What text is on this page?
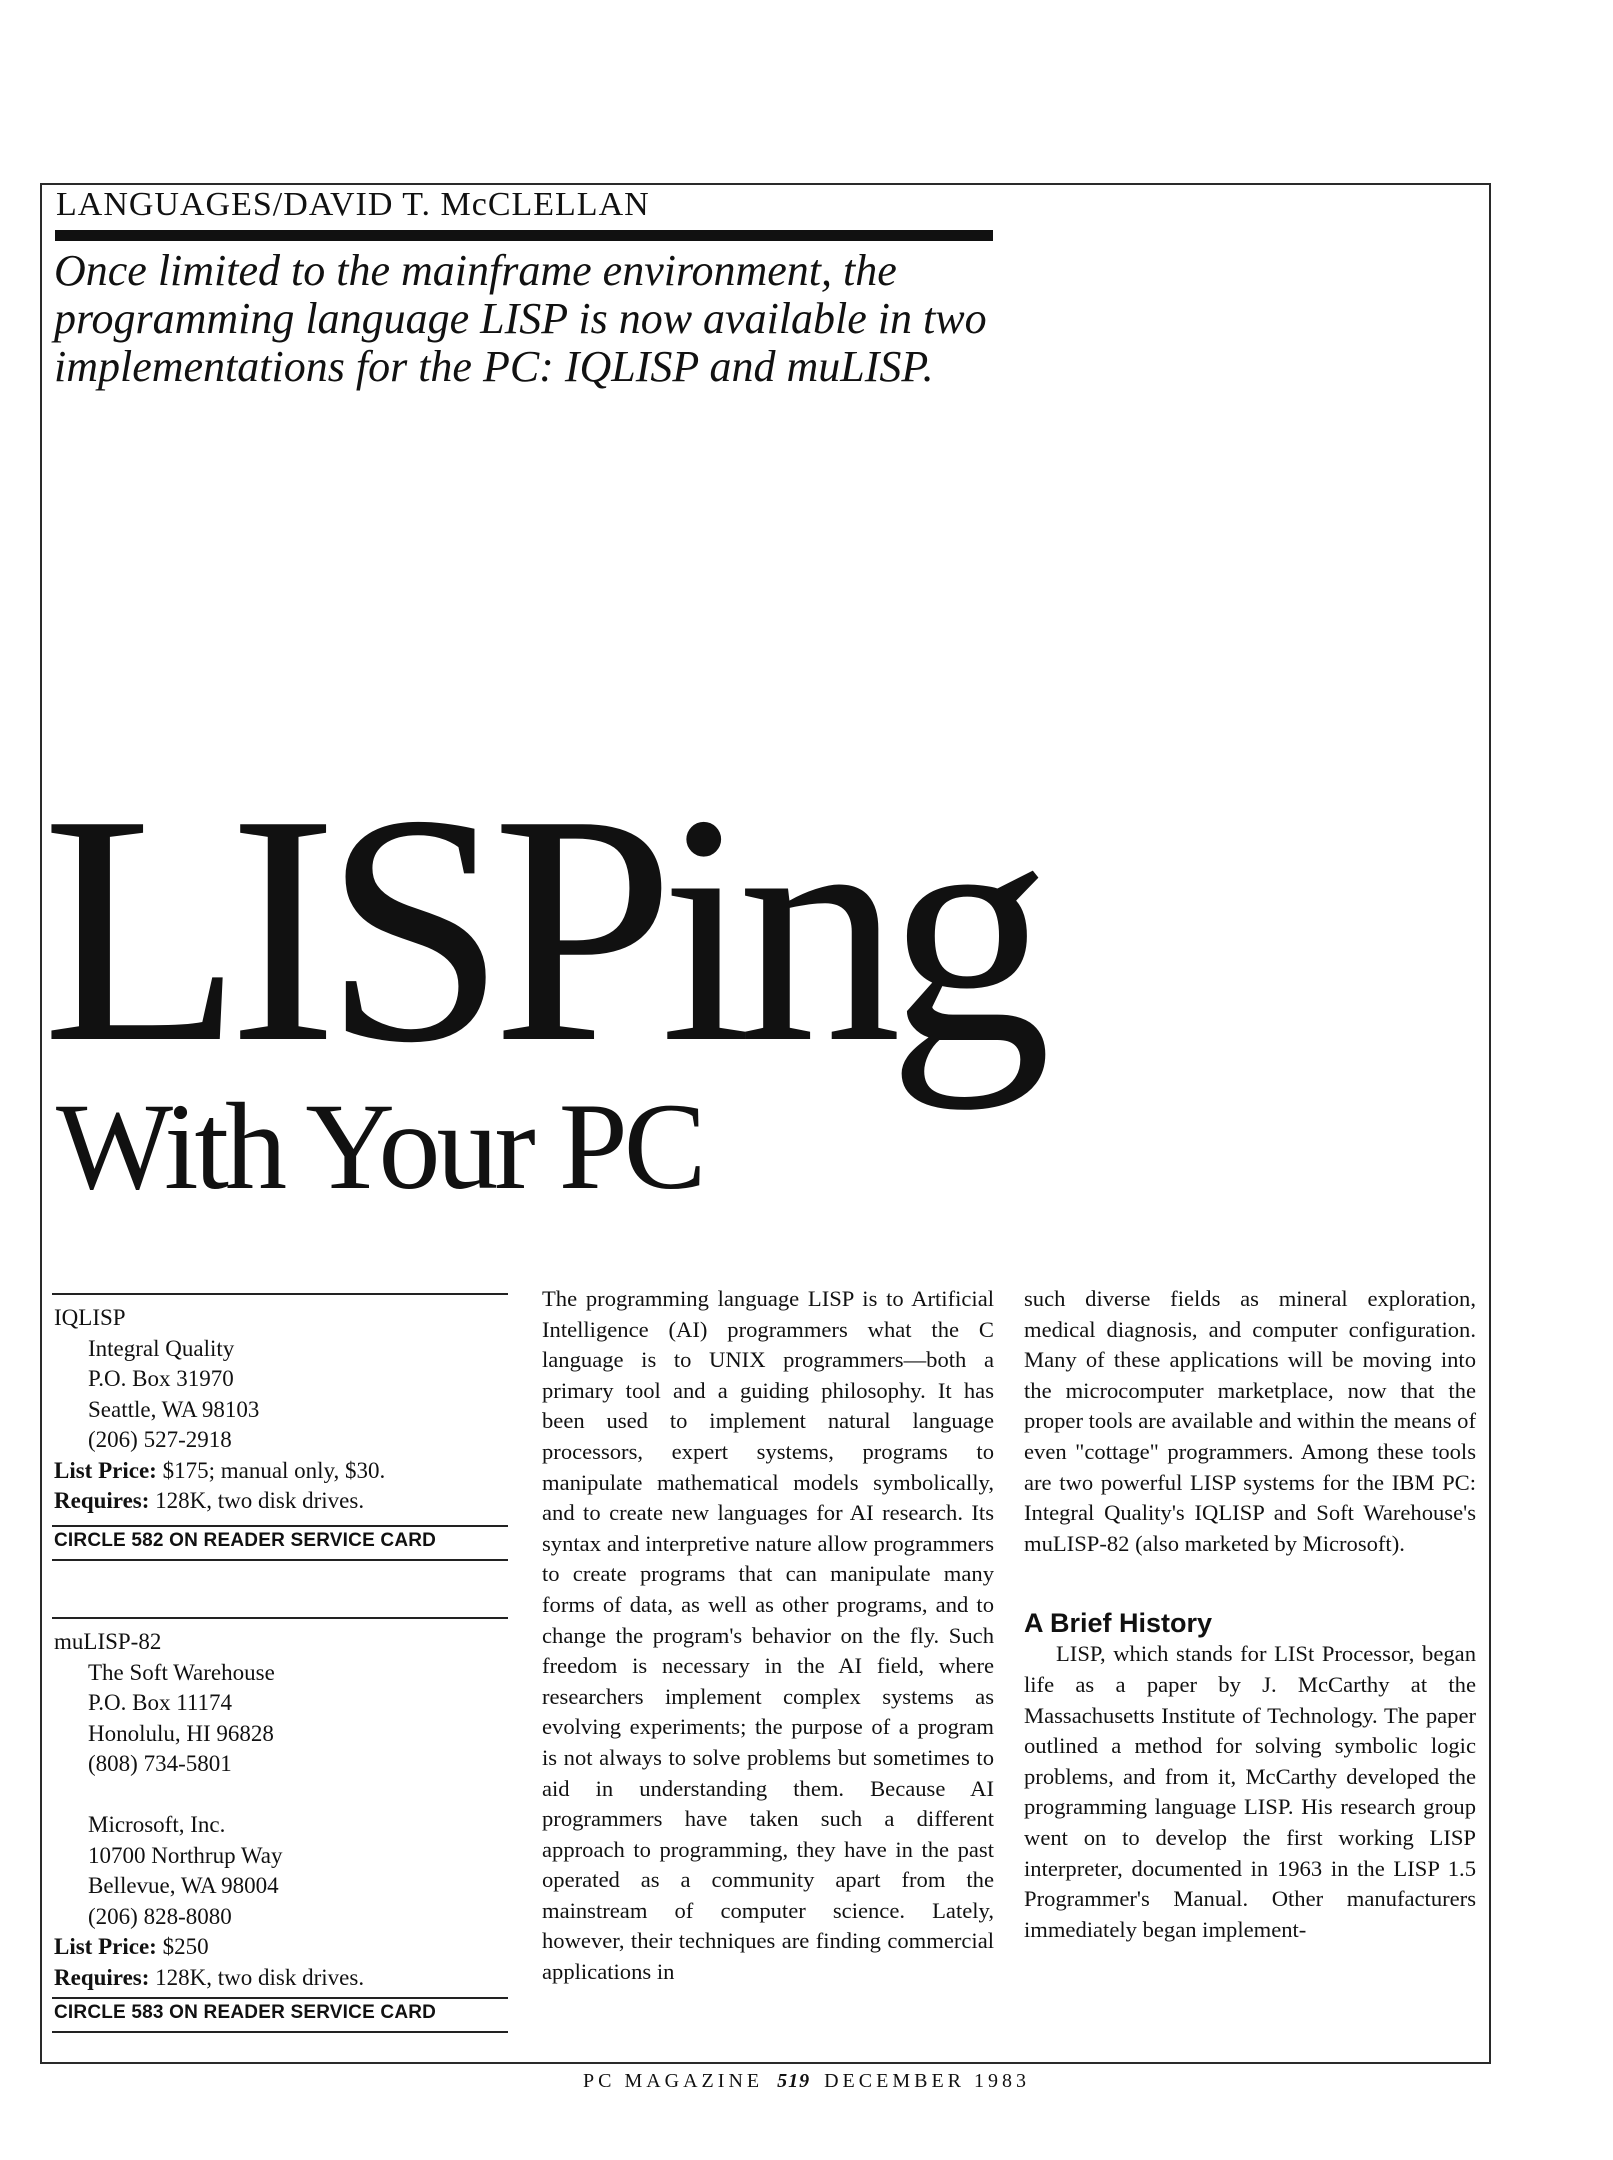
LANGUAGES/DAVID T. McCLELLAN
Once limited to the mainframe environment, the programming language LISP is now available in two implementations for the PC: IQLISP and muLISP.
LISPing
With Your PC
IQLISP
Integral Quality
P.O. Box 31970
Seattle, WA 98103
(206) 527-2918
List Price: $175; manual only, $30.
Requires: 128K, two disk drives.
CIRCLE 582 ON READER SERVICE CARD
muLISP-82
The Soft Warehouse
P.O. Box 11174
Honolulu, HI 96828
(808) 734-5801
Microsoft, Inc.
10700 Northrup Way
Bellevue, WA 98004
(206) 828-8080
List Price: $250
Requires: 128K, two disk drives.
CIRCLE 583 ON READER SERVICE CARD

The programming language LISP is to Artificial Intelligence (AI) programmers what the C language is to UNIX programmers—both a primary tool and a guiding philosophy. It has been used to implement natural language processors, expert systems, programs to manipulate mathematical models symbolically, and to create new languages for AI research. Its syntax and interpretive nature allow programmers to create programs that can manipulate many forms of data, as well as other programs, and to change the program's behavior on the fly. Such freedom is necessary in the AI field, where researchers implement complex systems as evolving experiments; the purpose of a program is not always to solve problems but sometimes to aid in understanding them. Because AI programmers have taken such a different approach to programming, they have in the past operated as a community apart from the mainstream of computer science. Lately, however, their techniques are finding commercial applications in

such diverse fields as mineral exploration, medical diagnosis, and computer configuration. Many of these applications will be moving into the microcomputer marketplace, now that the proper tools are available and within the means of even "cottage" programmers. Among these tools are two powerful LISP systems for the IBM PC: Integral Quality's IQLISP and Soft Warehouse's muLISP-82 (also marketed by Microsoft).

A Brief History

LISP, which stands for LISt Processor, began life as a paper by J. McCarthy at the Massachusetts Institute of Technology. The paper outlined a method for solving symbolic logic problems, and from it, McCarthy developed the programming language LISP. His research group went on to develop the first working LISP interpreter, documented in 1963 in the LISP 1.5 Programmer's Manual. Other manufacturers immediately began implement-

PC MAGAZINE 519 DECEMBER 1983
